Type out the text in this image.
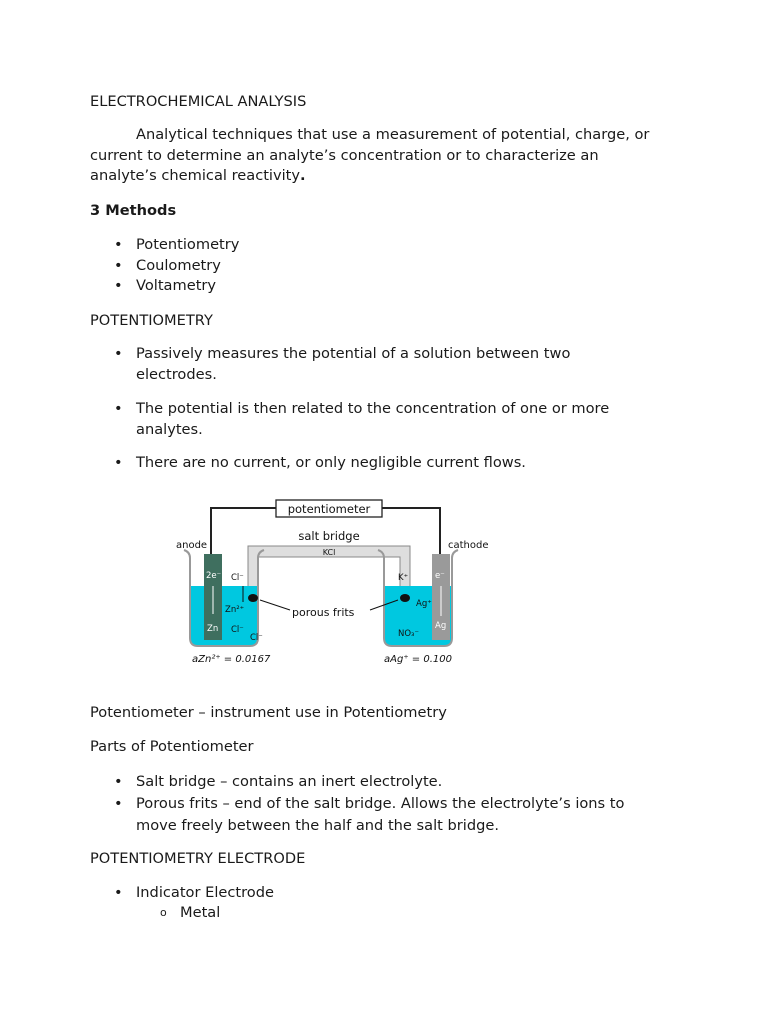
ELECTROCHEMICAL ANALYSIS

Analytical techniques that use a measurement of potential, charge, or current to determine an analyte’s concentration or to characterize an analyte’s chemical reactivity.

3 Methods
• Potentiometry
• Coulometry
• Voltametry
POTENTIOMETRY
• Passively measures the potential of a solution between two electrodes.
• The potential is then related to the concentration of one or more analytes.
• There are no current, or only negligible current flows.

Potentiometer – instrument use in Potentiometry

Parts of Potentiometer

• Salt bridge – contains an inert electrolyte.
• Porous frits – end of the salt bridge. Allows the electrolyte’s ions to move freely between the half and the salt bridge.
POTENTIOMETRY ELECTRODE
• Indicator Electrode
o Metal
potentiometer
salt bridge
KCl
anode
2e⁻
Zn
Cl⁻
Zn²⁺
Cl⁻
Cl⁻
cathode
K⁺	e⁻
Ag⁺
NO₃⁻
Ag
porous frits
aZn²⁺ = 0.0167	aAg⁺ = 0.100
